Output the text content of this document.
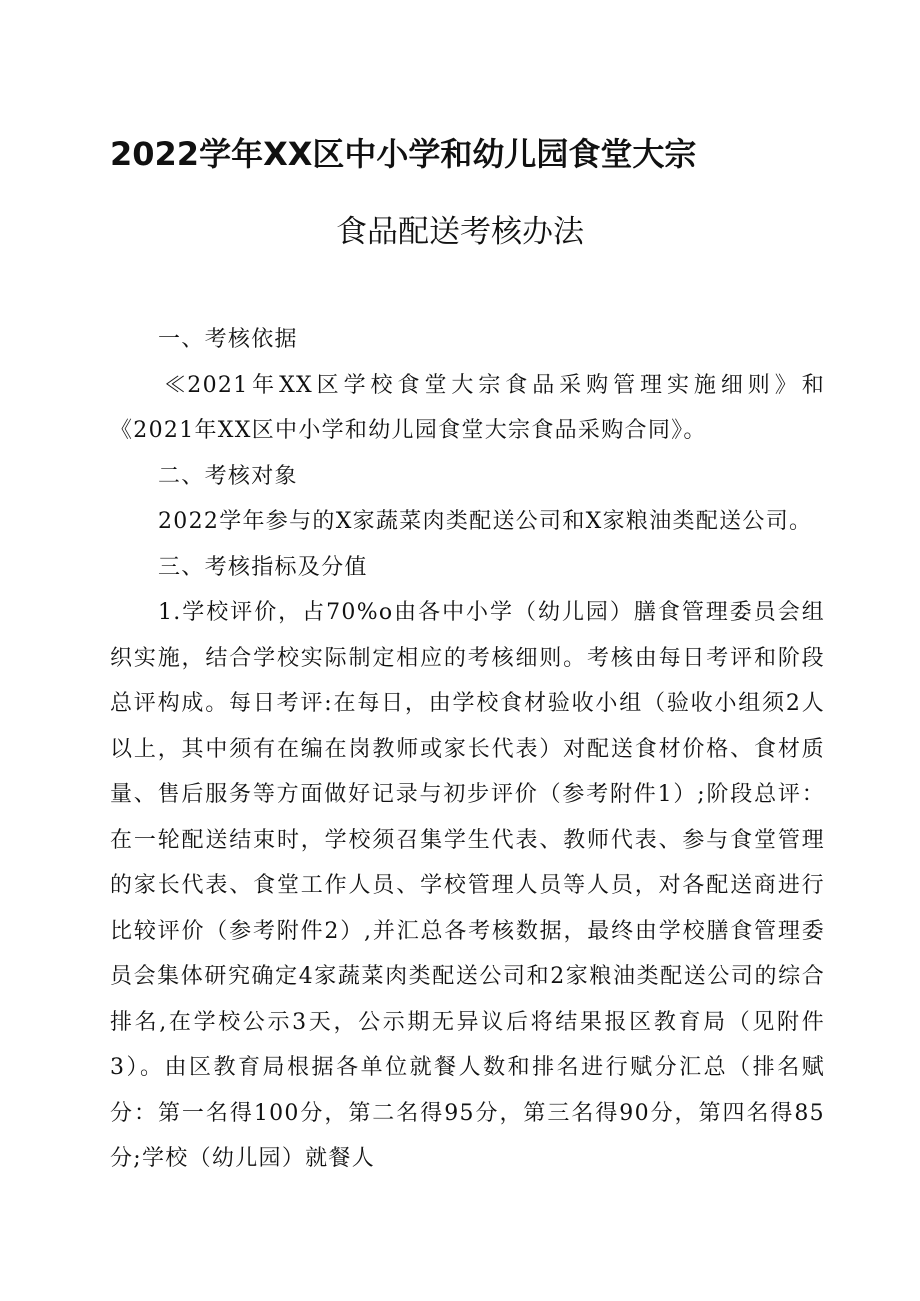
2022学年XX区中小学和幼儿园食堂大宗
食品配送考核办法

一、考核依据

≪2021年XX区学校食堂大宗食品采购管理实施细则》和《2021年XX区中小学和幼儿园食堂大宗食品采购合同》。

二、考核对象

2022学年参与的X家蔬菜肉类配送公司和X家粮油类配送公司。

三、考核指标及分值

1.学校评价，占70%o由各中小学（幼儿园）膳食管理委员会组织实施，结合学校实际制定相应的考核细则。考核由每日考评和阶段总评构成。每日考评:在每日，由学校食材验收小组（验收小组须2人以上，其中须有在编在岗教师或家长代表）对配送食材价格、食材质量、售后服务等方面做好记录与初步评价（参考附件1）;阶段总评：在一轮配送结束时，学校须召集学生代表、教师代表、参与食堂管理的家长代表、食堂工作人员、学校管理人员等人员，对各配送商进行比较评价（参考附件2）,并汇总各考核数据，最终由学校膳食管理委员会集体研究确定4家蔬菜肉类配送公司和2家粮油类配送公司的综合排名,在学校公示3天，公示期无异议后将结果报区教育局（见附件3）。由区教育局根据各单位就餐人数和排名进行赋分汇总（排名赋分：第一名得100分，第二名得95分，第三名得90分，第四名得85分;学校（幼儿园）就餐人
